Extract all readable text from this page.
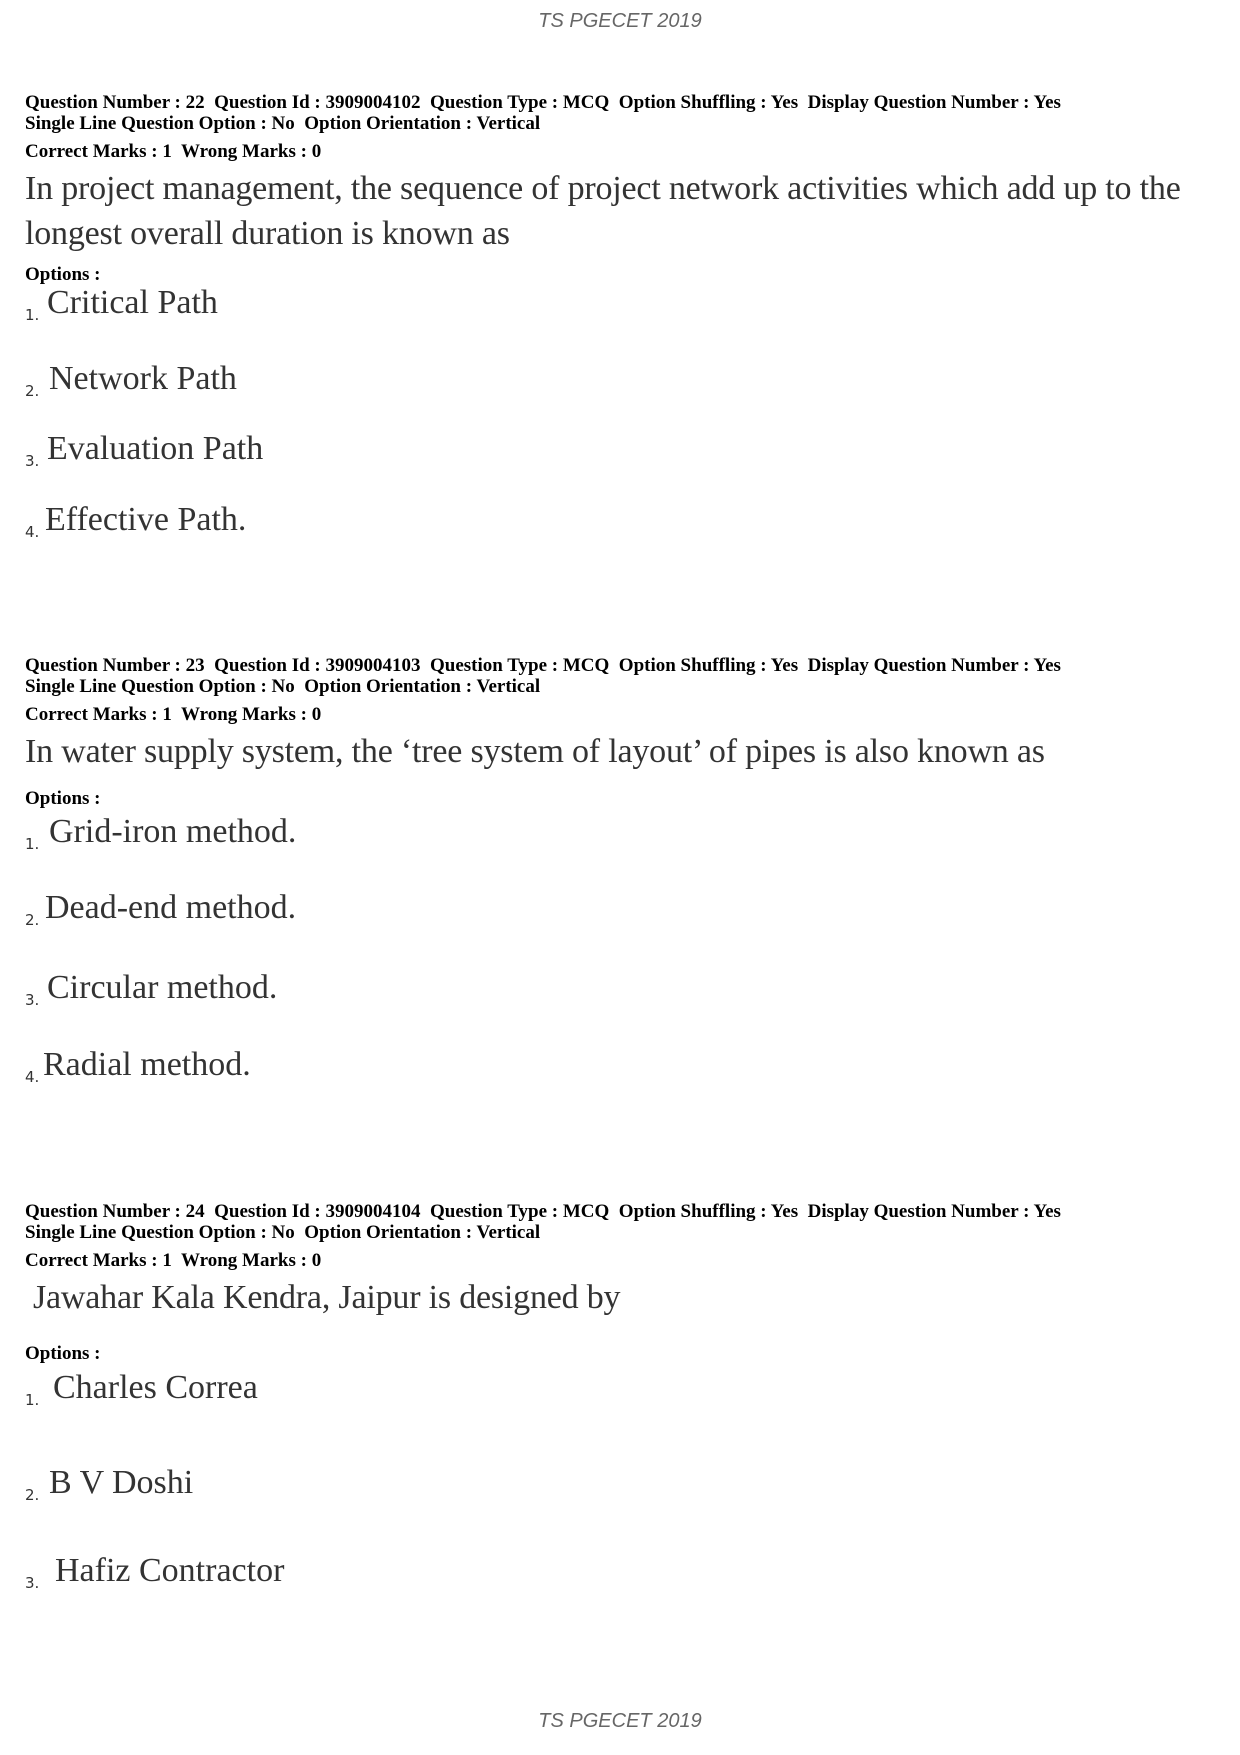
TS PGECET 2019
Question Number : 22  Question Id : 3909004102  Question Type : MCQ  Option Shuffling : Yes  Display Question Number : Yes
Single Line Question Option : No  Option Orientation : Vertical
Correct Marks : 1  Wrong Marks : 0
In project management, the sequence of project network activities which add up to the longest overall duration is known as
Options :
1. Critical Path
2. Network Path
3. Evaluation Path
4. Effective Path.
Question Number : 23  Question Id : 3909004103  Question Type : MCQ  Option Shuffling : Yes  Display Question Number : Yes
Single Line Question Option : No  Option Orientation : Vertical
Correct Marks : 1  Wrong Marks : 0
In water supply system, the ‘tree system of layout’ of pipes is also known as
Options :
1. Grid-iron method.
2. Dead-end method.
3. Circular method.
4. Radial method.
Question Number : 24  Question Id : 3909004104  Question Type : MCQ  Option Shuffling : Yes  Display Question Number : Yes
Single Line Question Option : No  Option Orientation : Vertical
Correct Marks : 1  Wrong Marks : 0
Jawahar Kala Kendra, Jaipur is designed by
Options :
1. Charles Correa
2. B V Doshi
3. Hafiz Contractor
TS PGECET 2019
